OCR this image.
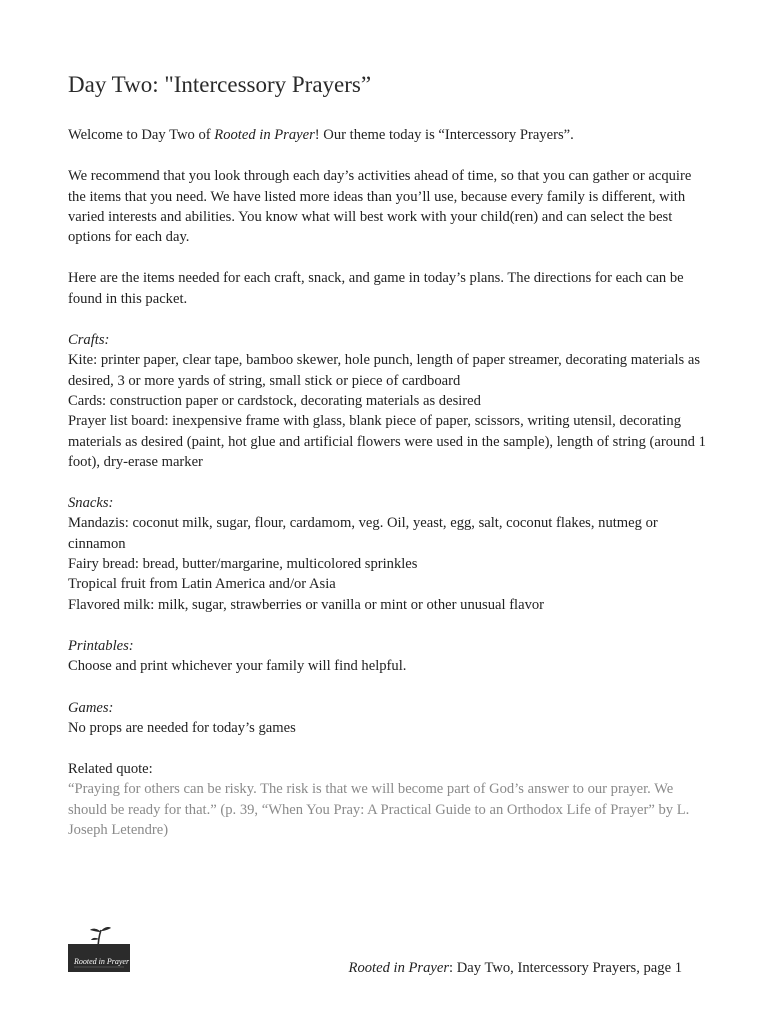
Day Two: "Intercessory Prayers”

Welcome to Day Two of Rooted in Prayer! Our theme today is “Intercessory Prayers”.

We recommend that you look through each day’s activities ahead of time, so that you can gather or acquire the items that you need. We have listed more ideas than you’ll use, because every family is different, with varied interests and abilities. You know what will best work with your child(ren) and can select the best options for each day.

Here are the items needed for each craft, snack, and game in today’s plans. The directions for each can be found in this packet.

Crafts:

Kite: printer paper, clear tape, bamboo skewer, hole punch, length of paper streamer, decorating materials as desired, 3 or more yards of string, small stick or piece of cardboard

Cards: construction paper or cardstock, decorating materials as desired

Prayer list board: inexpensive frame with glass, blank piece of paper, scissors, writing utensil, decorating materials as desired (paint, hot glue and artificial flowers were used in the sample), length of string (around 1 foot), dry-erase marker

Snacks:

Mandazis: coconut milk, sugar, flour, cardamom, veg. Oil, yeast, egg, salt, coconut flakes, nutmeg or cinnamon

Fairy bread: bread, butter/margarine, multicolored sprinkles

Tropical fruit from Latin America and/or Asia

Flavored milk: milk, sugar, strawberries or vanilla or mint or other unusual flavor

Printables:

Choose and print whichever your family will find helpful.

Games:

No props are needed for today’s games

Related quote:

“Praying for others can be risky. The risk is that we will become part of God’s answer to our prayer. We should be ready for that.” (p. 39, “When You Pray: A Practical Guide to an Orthodox Life of Prayer” by L. Joseph Letendre)

Rooted in Prayer	Rooted in Prayer: Day Two, Intercessory Prayers, page 1
